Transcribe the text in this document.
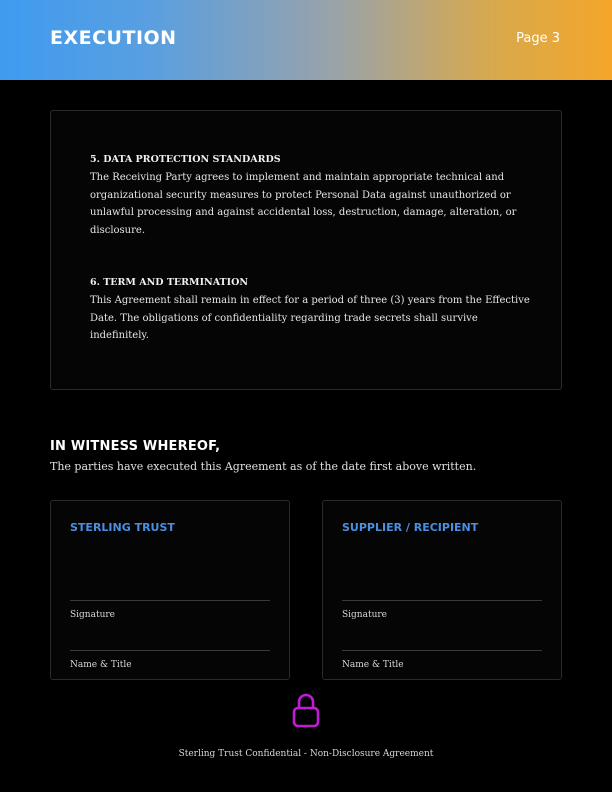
EXECUTION	Page 3
5. DATA PROTECTION STANDARDS
The Receiving Party agrees to implement and maintain appropriate technical and organizational security measures to protect Personal Data against unauthorized or unlawful processing and against accidental loss, destruction, damage, alteration, or disclosure.
6. TERM AND TERMINATION
This Agreement shall remain in effect for a period of three (3) years from the Effective Date. The obligations of confidentiality regarding trade secrets shall survive indefinitely.
IN WITNESS WHEREOF,
The parties have executed this Agreement as of the date first above written.
STERLING TRUST
Signature
Name & Title
SUPPLIER / RECIPIENT
Signature
Name & Title
Sterling Trust Confidential - Non-Disclosure Agreement
